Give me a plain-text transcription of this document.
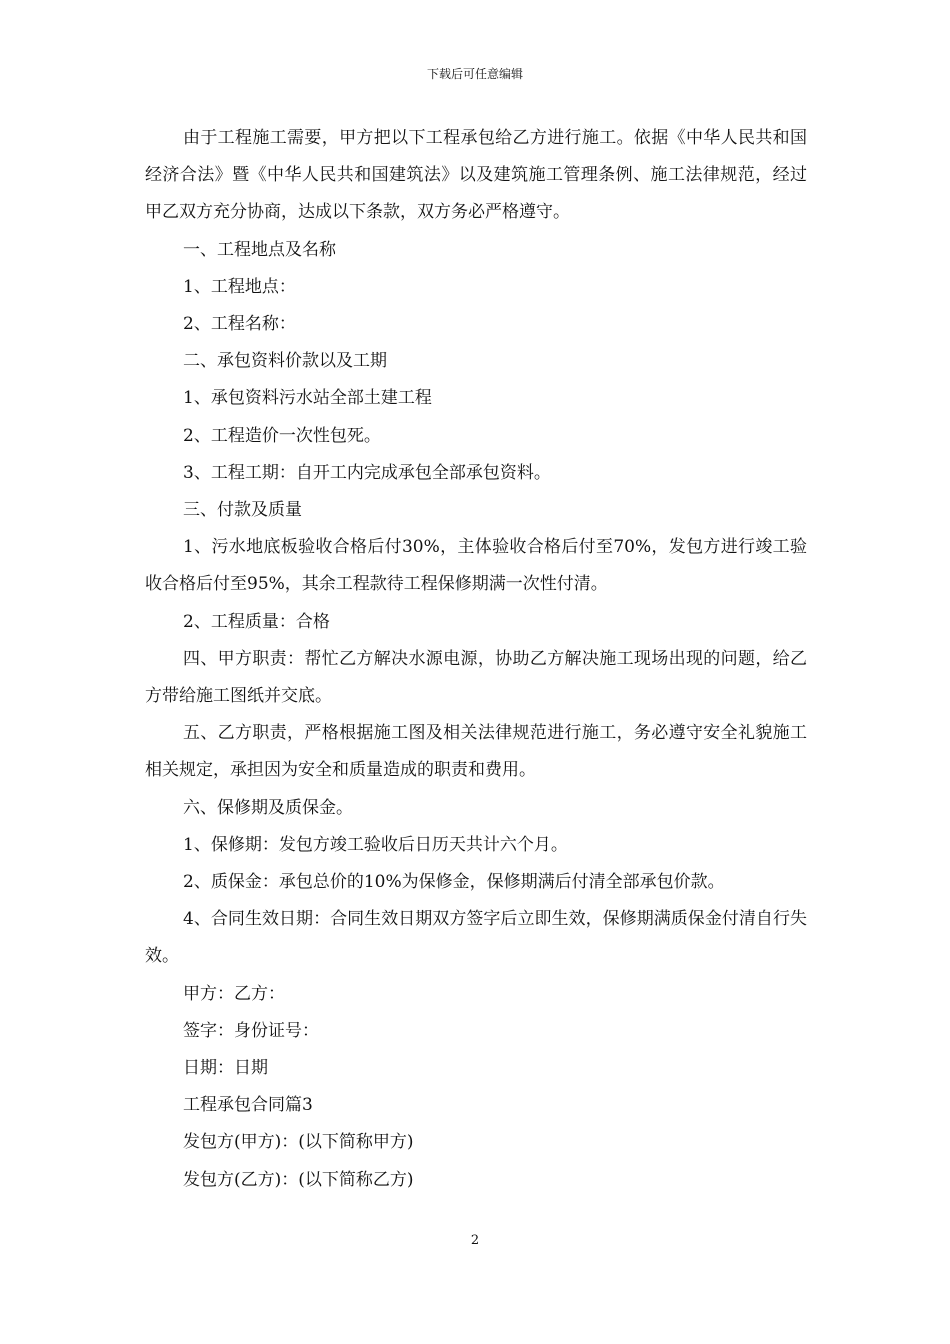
下载后可任意编辑

由于工程施工需要，甲方把以下工程承包给乙方进行施工。依据《中华人民共和国经济合法》暨《中华人民共和国建筑法》以及建筑施工管理条例、施工法律规范，经过甲乙双方充分协商，达成以下条款，双方务必严格遵守。

一、工程地点及名称

1、工程地点：

2、工程名称：

二、承包资料价款以及工期

1、承包资料污水站全部土建工程

2、工程造价一次性包死。

3、工程工期：自开工内完成承包全部承包资料。

三、付款及质量

1、污水地底板验收合格后付30%，主体验收合格后付至70%，发包方进行竣工验收合格后付至95%，其余工程款待工程保修期满一次性付清。

2、工程质量：合格

四、甲方职责：帮忙乙方解决水源电源，协助乙方解决施工现场出现的问题，给乙方带给施工图纸并交底。

五、乙方职责，严格根据施工图及相关法律规范进行施工，务必遵守安全礼貌施工相关规定，承担因为安全和质量造成的职责和费用。

六、保修期及质保金。

1、保修期：发包方竣工验收后日历天共计六个月。

2、质保金：承包总价的10%为保修金，保修期满后付清全部承包价款。

4、合同生效日期：合同生效日期双方签字后立即生效，保修期满质保金付清自行失效。

甲方：乙方：

签字：身份证号：

日期：日期

工程承包合同篇3

发包方(甲方)：(以下简称甲方)

发包方(乙方)：(以下简称乙方)

2
